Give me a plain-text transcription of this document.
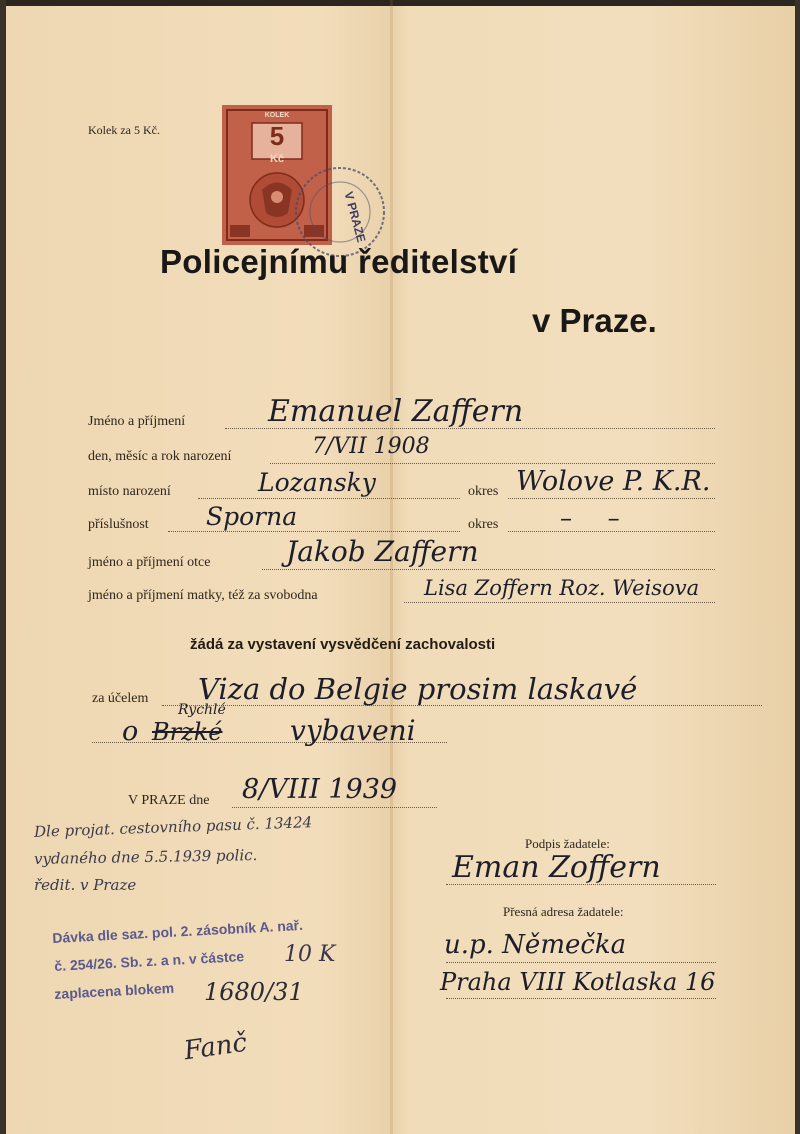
Kolek za 5 Kč.
KOLEK
5
Kč
V PRAZE
Policejnímu ředitelství
v Praze.
Jméno a příjmení	Emanuel Zaffern
den, měsíc a rok narození	7/VII 1908
místo narození	Lozansky	okres Wolove P. K.R.
příslušnost Sporna	okres	– –
jméno a příjmení otce	Jakob Zaffern
jméno a příjmení matky, též za svobodna	Lisa Zoffern Roz. Weisova
žádá za vystavení vysvědčení zachovalosti
za účelem Viza do Belgie prosim laskavé
o Brzké
Rychlé
vybaveni
V PRAZE dne 8/VIII 1939
Dle projat. cestovního pasu č. 13424
vydaného dne 5.5.1939 polic.
ředit. v Praze
Dávka dle saz. pol. 2. zásobník A. nař.
č. 254/26. Sb. z. a n. v částce 10 K
zaplacena blokem 1680/31
Fanč
Podpis žadatele:
Eman Zoffern
Přesná adresa žadatele:
u.p. Němečka
Praha VIII Kotlaska 16
